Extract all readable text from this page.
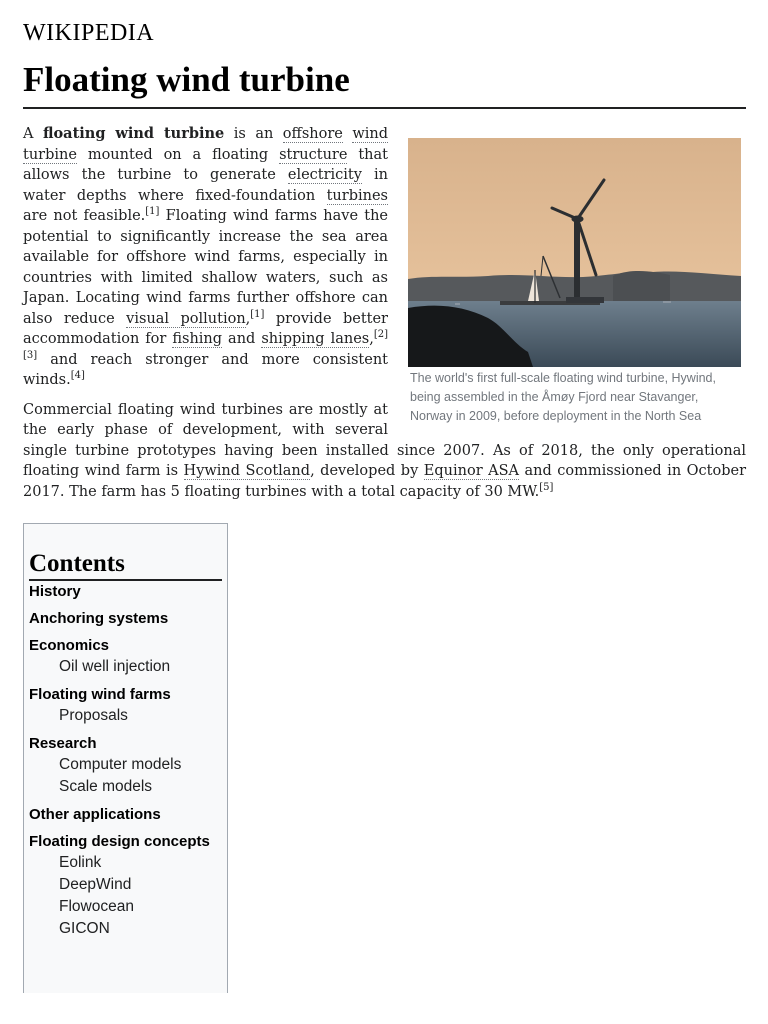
WIKIPEDIA
Floating wind turbine
The world's first full-scale floating wind turbine, Hywind, being assembled in the Åmøy Fjord near Stavanger, Norway in 2009, before deployment in the North Sea

A floating wind turbine is an offshore wind turbine mounted on a floating structure that allows the turbine to generate electricity in water depths where fixed-foundation turbines are not feasible.[1] Floating wind farms have the potential to significantly increase the sea area available for offshore wind farms, especially in countries with limited shallow waters, such as Japan. Locating wind farms further offshore can also reduce visual pollution,[1] provide better accommodation for fishing and shipping lanes,[2][3] and reach stronger and more consistent winds.[4]

Commercial floating wind turbines are mostly at the early phase of development, with several single turbine prototypes having been installed since 2007. As of 2018, the only operational floating wind farm is Hywind Scotland, developed by Equinor ASA and commissioned in October 2017. The farm has 5 floating turbines with a total capacity of 30 MW.[5]

Contents
History
Anchoring systems
Economics
Oil well injection
Floating wind farms
Proposals
Research
Computer models
Scale models
Other applications
Floating design concepts
Eolink
DeepWind
Flowocean
GICON
